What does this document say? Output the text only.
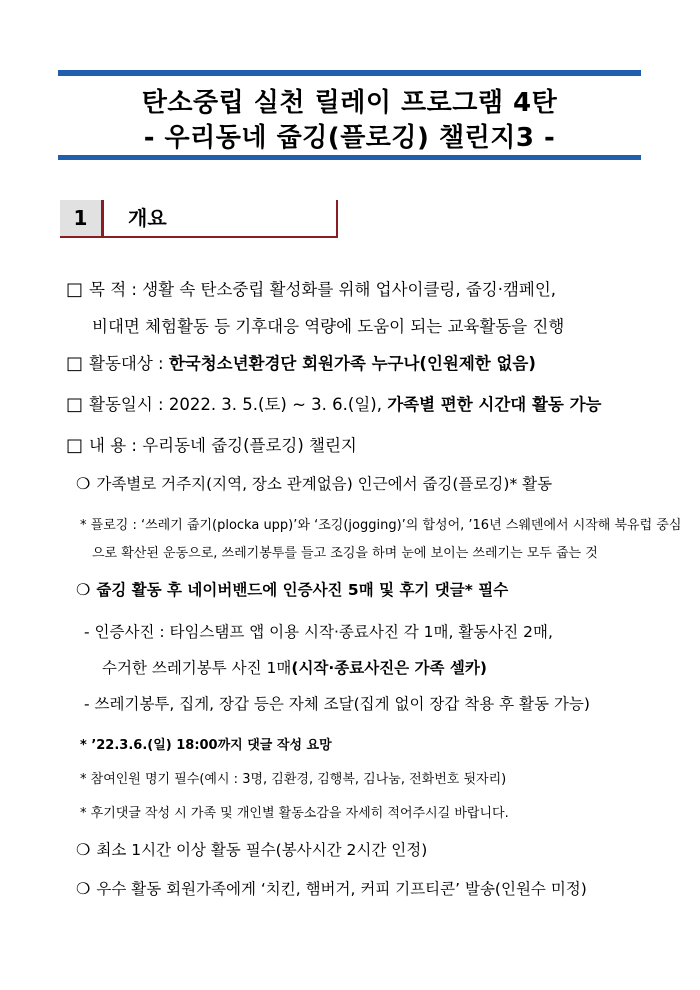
탄소중립 실천 릴레이 프로그램 4탄
- 우리동네 줍깅(플로깅) 챌린지3 -
1	개요
□ 목 적 : 생활 속 탄소중립 활성화를 위해 업사이클링, 줍깅·캠페인,
비대면 체험활동 등 기후대응 역량에 도움이 되는 교육활동을 진행
□ 활동대상 : 한국청소년환경단 회원가족 누구나(인원제한 없음)
□ 활동일시 : 2022. 3. 5.(토) ~ 3. 6.(일), 가족별 편한 시간대 활동 가능
□ 내 용 : 우리동네 줍깅(플로깅) 챌린지
❍ 가족별로 거주지(지역, 장소 관계없음) 인근에서 줍깅(플로깅)* 활동
* 플로깅 : ‘쓰레기 줍기(plocka upp)’와 ‘조깅(jogging)’의 합성어, ’16년 스웨덴에서 시작해 북유럽 중심
으로 확산된 운동으로, 쓰레기봉투를 들고 조깅을 하며 눈에 보이는 쓰레기는 모두 줍는 것
❍ 줍깅 활동 후 네이버밴드에 인증사진 5매 및 후기 댓글* 필수
- 인증사진 : 타임스탬프 앱 이용 시작·종료사진 각 1매, 활동사진 2매,
수거한 쓰레기봉투 사진 1매(시작·종료사진은 가족 셀카)
- 쓰레기봉투, 집게, 장갑 등은 자체 조달(집게 없이 장갑 착용 후 활동 가능)
* ’22.3.6.(일) 18:00까지 댓글 작성 요망
* 참여인원 명기 필수(예시 : 3명, 김환경, 김행복, 김나눔, 전화번호 뒷자리)
* 후기댓글 작성 시 가족 및 개인별 활동소감을 자세히 적어주시길 바랍니다.
❍ 최소 1시간 이상 활동 필수(봉사시간 2시간 인정)
❍ 우수 활동 회원가족에게 ‘치킨, 햄버거, 커피 기프티콘’ 발송(인원수 미정)
